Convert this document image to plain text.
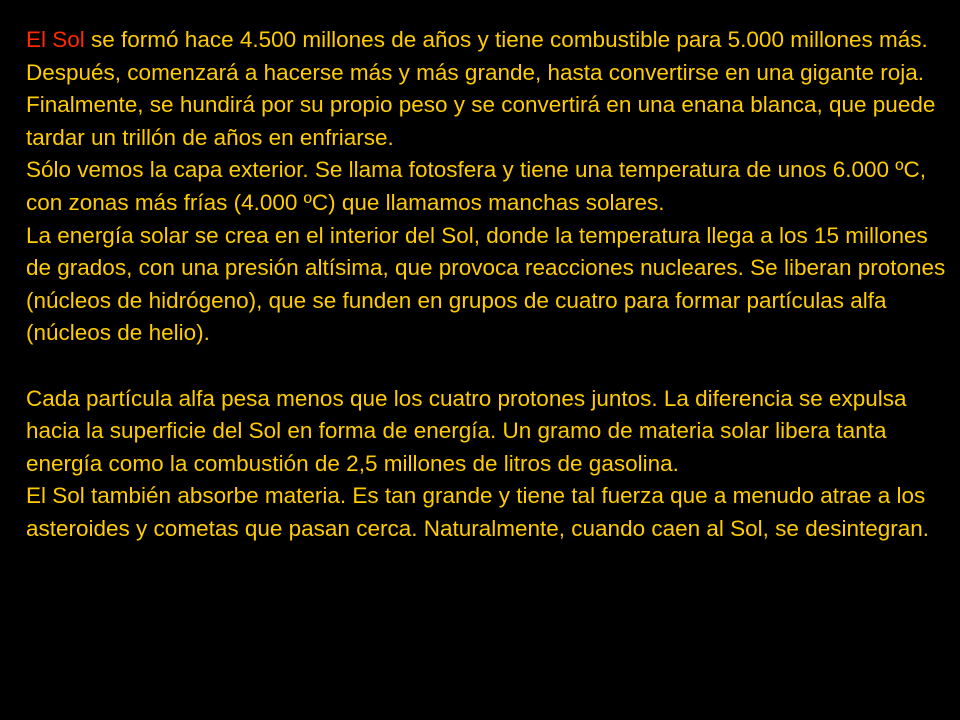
El Sol se formó hace 4.500 millones de años y tiene combustible para 5.000 millones más. Después, comenzará a hacerse más y más grande, hasta convertirse en una gigante roja. Finalmente, se hundirá por su propio peso y se convertirá en una enana blanca, que puede tardar un trillón de años en enfriarse.

Sólo vemos la capa exterior. Se llama fotosfera y tiene una temperatura de unos 6.000 ºC, con zonas más frías (4.000 ºC) que llamamos manchas solares.

La energía solar se crea en el interior del Sol, donde la temperatura llega a los 15 millones de grados, con una presión altísima, que provoca reacciones nucleares. Se liberan protones (núcleos de hidrógeno), que se funden en grupos de cuatro para formar partículas alfa (núcleos de helio).

Cada partícula alfa pesa menos que los cuatro protones juntos. La diferencia se expulsa hacia la superficie del Sol en forma de energía. Un gramo de materia solar libera tanta energía como la combustión de 2,5 millones de litros de gasolina.

El Sol también absorbe materia. Es tan grande y tiene tal fuerza que a menudo atrae a los asteroides y cometas que pasan cerca. Naturalmente, cuando caen al Sol, se desintegran.
